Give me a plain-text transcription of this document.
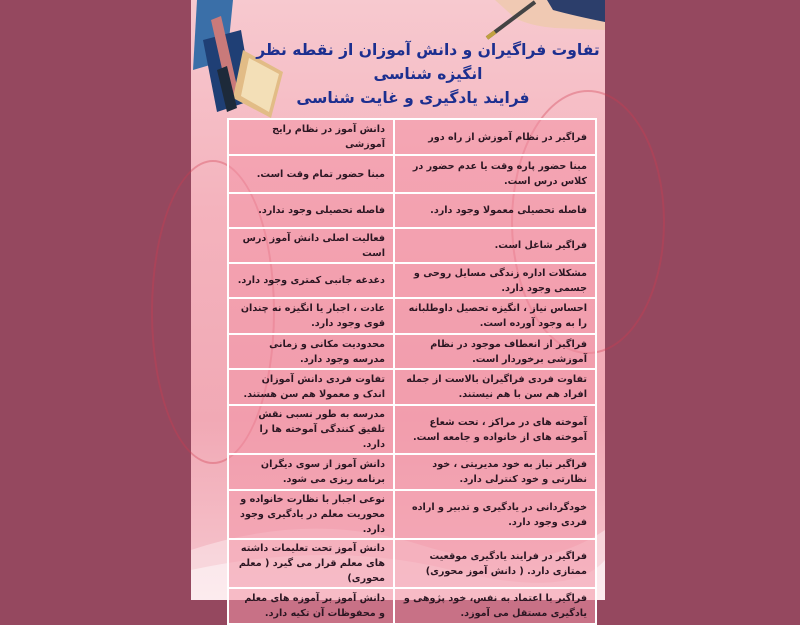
تفاوت فراگیران و دانش آموزان از نقطه نظر انگیزه شناسی
فرایند یادگیری و غایت شناسی
فراگیر در نظام آموزش از راه دور	دانش آموز در نظام رایج آموزشی
مبنا حضور پاره وقت یا عدم حضور در کلاس درس است.	مبنا حضور تمام وقت است.
فاصله تحصیلی معمولا وجود دارد.	فاصله تحصیلی وجود ندارد.
فراگیر شاغل است.	فعالیت اصلی دانش آموز درس است
مشکلات اداره زندگی مسایل روحی و جسمی وجود دارد.	دغدغه جانبی کمتری وجود دارد.
احساس نیاز ، انگیزه تحصیل داوطلبانه را به وجود آورده است.	عادت ، اجبار یا انگیزه نه چندان قوی وجود دارد.
فراگیر از انعطاف موجود در نظام آموزشی برخوردار است.	محدودیت مکانی و زمانی مدرسه وجود دارد.
تفاوت فردی فراگیران بالاست از جمله افراد هم سن با هم نیستند.	تفاوت فردی دانش آموزان اندک و معمولا هم سن هستند.
آموخته های در مراکز ، تحت شعاع آموخته های از خانواده و جامعه است.	مدرسه به طور نسبی نقش تلفیق کنندگی آموخته ها را دارد.
فراگیر نیاز به خود مدیریتی ، خود نظارتی و خود کنترلی دارد.	دانش آموز از سوی دیگران برنامه ریزی می شود.
خودگردانی در یادگیری و تدبیر و اراده فردی وجود دارد.	نوعی اجبار با نظارت خانواده و محوریت معلم در یادگیری وجود دارد.
فراگیر در فرایند یادگیری موقعیت ممتازی دارد. ( دانش آموز محوری)	دانش آموز تحت تعلیمات داشته های معلم قرار می گیرد ( معلم محوری)
فراگیر با اعتماد به نفس، خود پژوهی و یادگیری مستقل می آموزد.	دانش آموز بر آموزه های معلم و محفوظات آن تکیه دارد.
